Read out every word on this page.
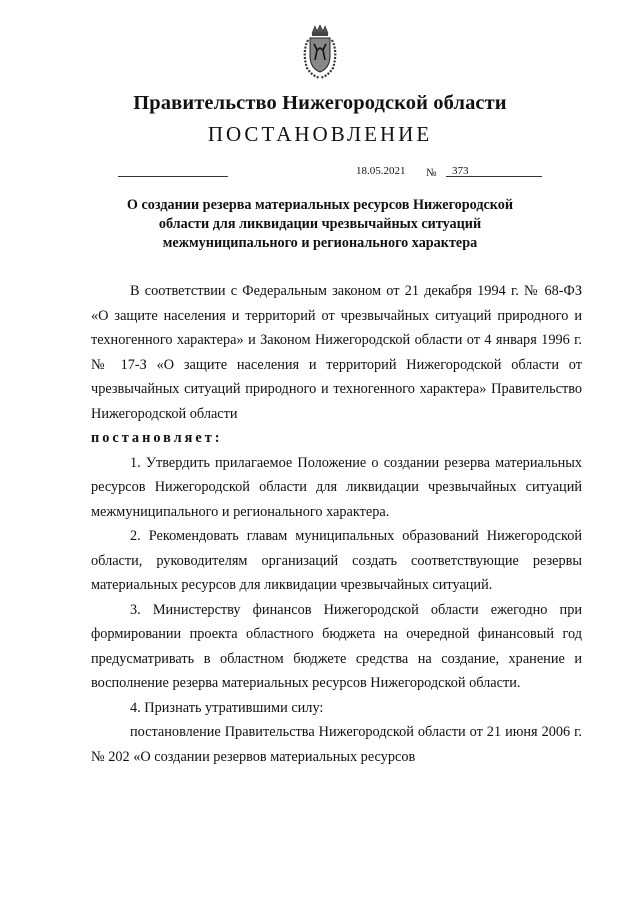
Правительство Нижегородской области
ПОСТАНОВЛЕНИЕ
18.05.2021 № 373
О создании резерва материальных ресурсов Нижегородской
области для ликвидации чрезвычайных ситуаций
межмуниципального и регионального характера

В соответствии с Федеральным законом от 21 декабря 1994 г. № 68-ФЗ «О защите населения и территорий от чрезвычайных ситуаций природного и техногенного характера» и Законом Нижегородской области от 4 января 1996 г. № 17-З «О защите населения и территорий Нижегородской области от чрезвычайных ситуаций природного и техногенного характера» Правительство Нижегородской области

постановляет:

1. Утвердить прилагаемое Положение о создании резерва материальных ресурсов Нижегородской области для ликвидации чрезвычайных ситуаций межмуниципального и регионального характера.

2. Рекомендовать главам муниципальных образований Нижегородской области, руководителям организаций создать соответствующие резервы материальных ресурсов для ликвидации чрезвычайных ситуаций.

3. Министерству финансов Нижегородской области ежегодно при формировании проекта областного бюджета на очередной финансовый год предусматривать в областном бюджете средства на создание, хранение и восполнение резерва материальных ресурсов Нижегородской области.

4. Признать утратившими силу:

постановление Правительства Нижегородской области от 21 июня 2006 г. № 202 «О создании резервов материальных ресурсов
